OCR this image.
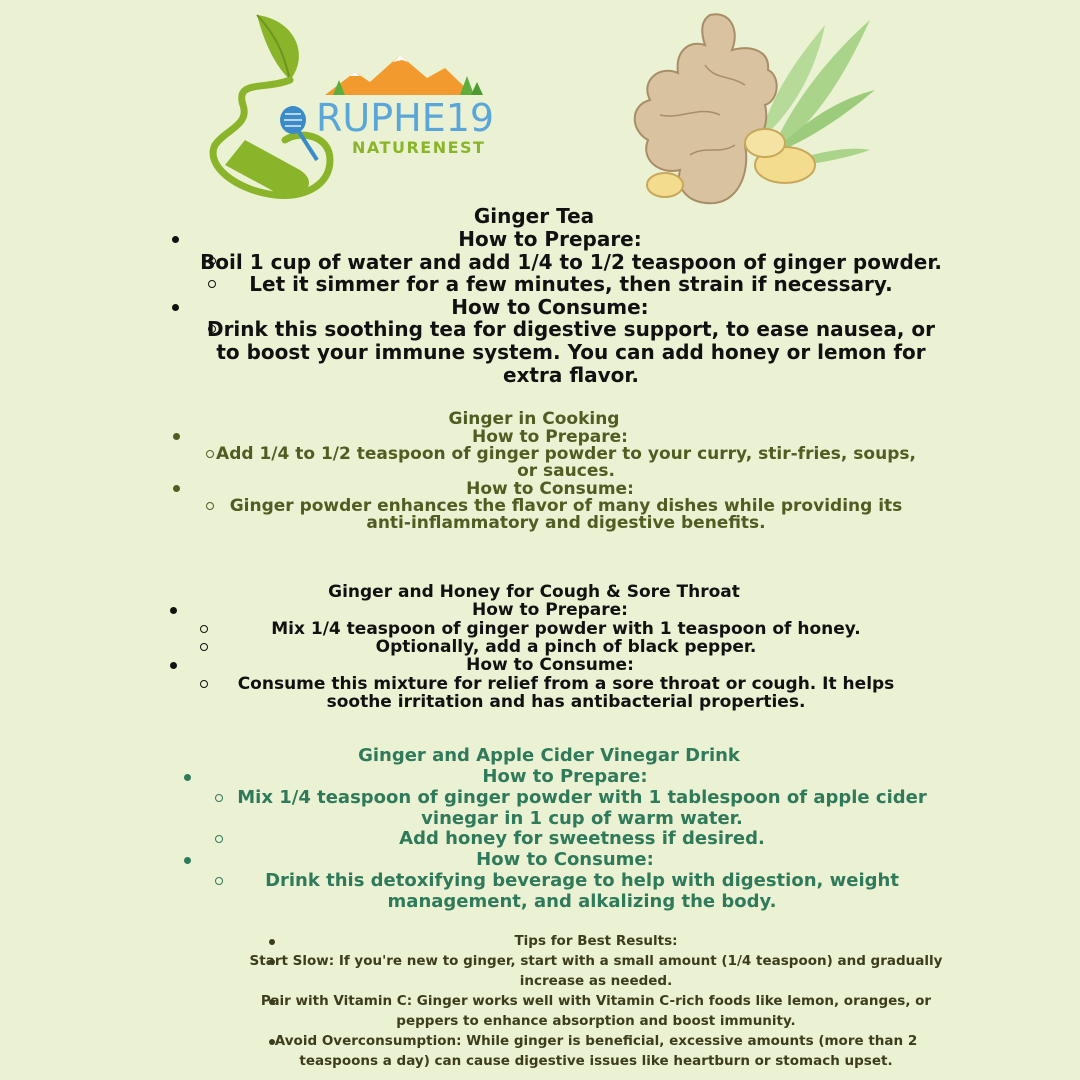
RUPHE19
NATURENEST
Ginger Tea
How to Prepare:
Boil 1 cup of water and add 1/4 to 1/2 teaspoon of ginger powder.
Let it simmer for a few minutes, then strain if necessary.
How to Consume:
Drink this soothing tea for digestive support, to ease nausea, or
to boost your immune system. You can add honey or lemon for
extra flavor.
Ginger in Cooking
How to Prepare:
Add 1/4 to 1/2 teaspoon of ginger powder to your curry, stir-fries, soups,
or sauces.
How to Consume:
Ginger powder enhances the flavor of many dishes while providing its
anti-inflammatory and digestive benefits.
Ginger and Honey for Cough & Sore Throat
How to Prepare:
Mix 1/4 teaspoon of ginger powder with 1 teaspoon of honey.
Optionally, add a pinch of black pepper.
How to Consume:
Consume this mixture for relief from a sore throat or cough. It helps
soothe irritation and has antibacterial properties.
Ginger and Apple Cider Vinegar Drink
How to Prepare:
Mix 1/4 teaspoon of ginger powder with 1 tablespoon of apple cider
vinegar in 1 cup of warm water.
Add honey for sweetness if desired.
How to Consume:
Drink this detoxifying beverage to help with digestion, weight
management, and alkalizing the body.
Tips for Best Results:
Start Slow: If you're new to ginger, start with a small amount (1/4 teaspoon) and gradually
increase as needed.
Pair with Vitamin C: Ginger works well with Vitamin C-rich foods like lemon, oranges, or
peppers to enhance absorption and boost immunity.
Avoid Overconsumption: While ginger is beneficial, excessive amounts (more than 2
teaspoons a day) can cause digestive issues like heartburn or stomach upset.
